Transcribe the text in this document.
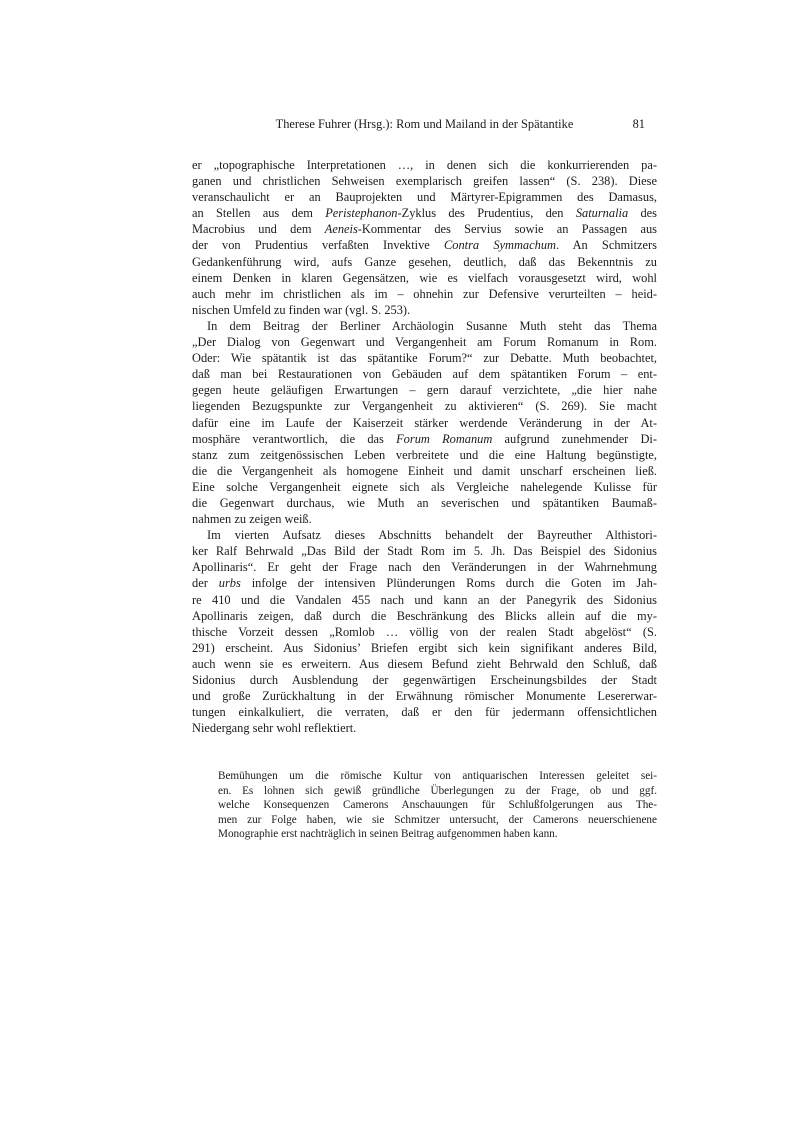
Therese Fuhrer (Hrsg.): Rom und Mailand in der Spätantike	81
er „topographische Interpretationen …, in denen sich die konkurrierenden pa-
ganen und christlichen Sehweisen exemplarisch greifen lassen“ (S. 238). Diese
veranschaulicht er an Bauprojekten und Märtyrer-Epigrammen des Damasus,
an Stellen aus dem Peristephanon-Zyklus des Prudentius, den Saturnalia des
Macrobius und dem Aeneis-Kommentar des Servius sowie an Passagen aus
der von Prudentius verfaßten Invektive Contra Symmachum. An Schmitzers
Gedankenführung wird, aufs Ganze gesehen, deutlich, daß das Bekenntnis zu
einem Denken in klaren Gegensätzen, wie es vielfach vorausgesetzt wird, wohl
auch mehr im christlichen als im – ohnehin zur Defensive verurteilten – heid-
nischen Umfeld zu finden war (vgl. S. 253).
In dem Beitrag der Berliner Archäologin Susanne Muth steht das Thema
„Der Dialog von Gegenwart und Vergangenheit am Forum Romanum in Rom.
Oder: Wie spätantik ist das spätantike Forum?“ zur Debatte. Muth beobachtet,
daß man bei Restaurationen von Gebäuden auf dem spätantiken Forum – ent-
gegen heute geläufigen Erwartungen – gern darauf verzichtete, „die hier nahe
liegenden Bezugspunkte zur Vergangenheit zu aktivieren“ (S. 269). Sie macht
dafür eine im Laufe der Kaiserzeit stärker werdende Veränderung in der At-
mosphäre verantwortlich, die das Forum Romanum aufgrund zunehmender Di-
stanz zum zeitgenössischen Leben verbreitete und die eine Haltung begünstigte,
die die Vergangenheit als homogene Einheit und damit unscharf erscheinen ließ.
Eine solche Vergangenheit eignete sich als Vergleiche nahelegende Kulisse für
die Gegenwart durchaus, wie Muth an severischen und spätantiken Baumaß-
nahmen zu zeigen weiß.
Im vierten Aufsatz dieses Abschnitts behandelt der Bayreuther Althistori-
ker Ralf Behrwald „Das Bild der Stadt Rom im 5. Jh. Das Beispiel des Sidonius
Apollinaris“. Er geht der Frage nach den Veränderungen in der Wahrnehmung
der urbs infolge der intensiven Plünderungen Roms durch die Goten im Jah-
re 410 und die Vandalen 455 nach und kann an der Panegyrik des Sidonius
Apollinaris zeigen, daß durch die Beschränkung des Blicks allein auf die my-
thische Vorzeit dessen „Romlob … völlig von der realen Stadt abgelöst“ (S.
291) erscheint. Aus Sidonius’ Briefen ergibt sich kein signifikant anderes Bild,
auch wenn sie es erweitern. Aus diesem Befund zieht Behrwald den Schluß, daß
Sidonius durch Ausblendung der gegenwärtigen Erscheinungsbildes der Stadt
und große Zurückhaltung in der Erwähnung römischer Monumente Lesererwar-
tungen einkalkuliert, die verraten, daß er den für jedermann offensichtlichen
Niedergang sehr wohl reflektiert.
Bemühungen um die römische Kultur von antiquarischen Interessen geleitet sei-
en. Es lohnen sich gewiß gründliche Überlegungen zu der Frage, ob und ggf.
welche Konsequenzen Camerons Anschauungen für Schlußfolgerungen aus The-
men zur Folge haben, wie sie Schmitzer untersucht, der Camerons neuerschienene
Monographie erst nachträglich in seinen Beitrag aufgenommen haben kann.
